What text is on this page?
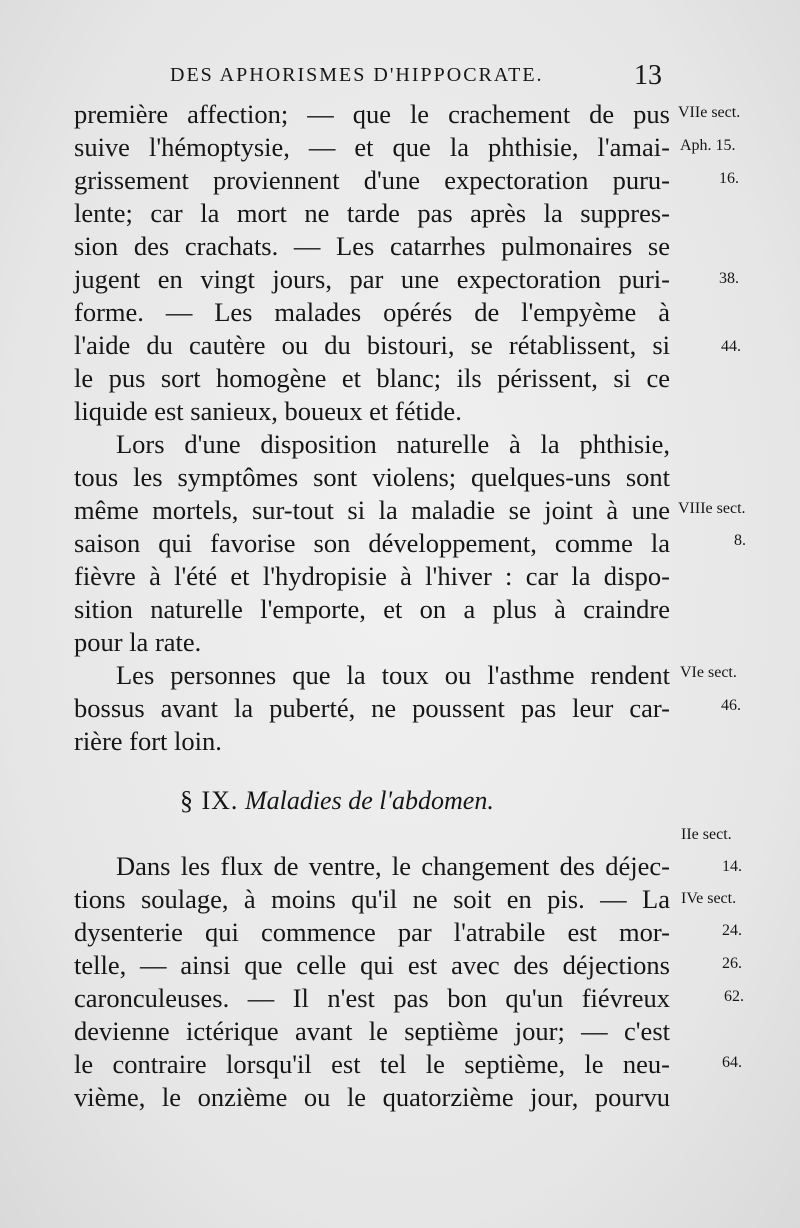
DES APHORISMES D'HIPPOCRATE.	13
première affection; — que le crachement de pus
suive l'hémoptysie, — et que la phthisie, l'amai-
grissement proviennent d'une expectoration puru-
lente; car la mort ne tarde pas après la suppres-
sion des crachats. — Les catarrhes pulmonaires se
jugent en vingt jours, par une expectoration puri-
forme. — Les malades opérés de l'empyème à
l'aide du cautère ou du bistouri, se rétablissent, si
le pus sort homogène et blanc; ils périssent, si ce
liquide est sanieux, boueux et fétide.
Lors d'une disposition naturelle à la phthisie,
tous les symptômes sont violens; quelques-uns sont
même mortels, sur-tout si la maladie se joint à une
saison qui favorise son développement, comme la
fièvre à l'été et l'hydropisie à l'hiver : car la dispo-
sition naturelle l'emporte, et on a plus à craindre
pour la rate.
Les personnes que la toux ou l'asthme rendent
bossus avant la puberté, ne poussent pas leur car-
rière fort loin.
§ IX. Maladies de l'abdomen.
Dans les flux de ventre, le changement des déjec-
tions soulage, à moins qu'il ne soit en pis. — La
dysenterie qui commence par l'atrabile est mor-
telle, — ainsi que celle qui est avec des déjections
caronculeuses. — Il n'est pas bon qu'un fiévreux
devienne ictérique avant le septième jour; — c'est
le contraire lorsqu'il est tel le septième, le neu-
vième, le onzième ou le quatorzième jour, pourvu
VIIe sect.
Aph. 15.
16.
38.
44.
VIIIe sect.
8.
VIe sect.
46.
IIe sect.
14.
IVe sect.
24.
26.
62.
64.
